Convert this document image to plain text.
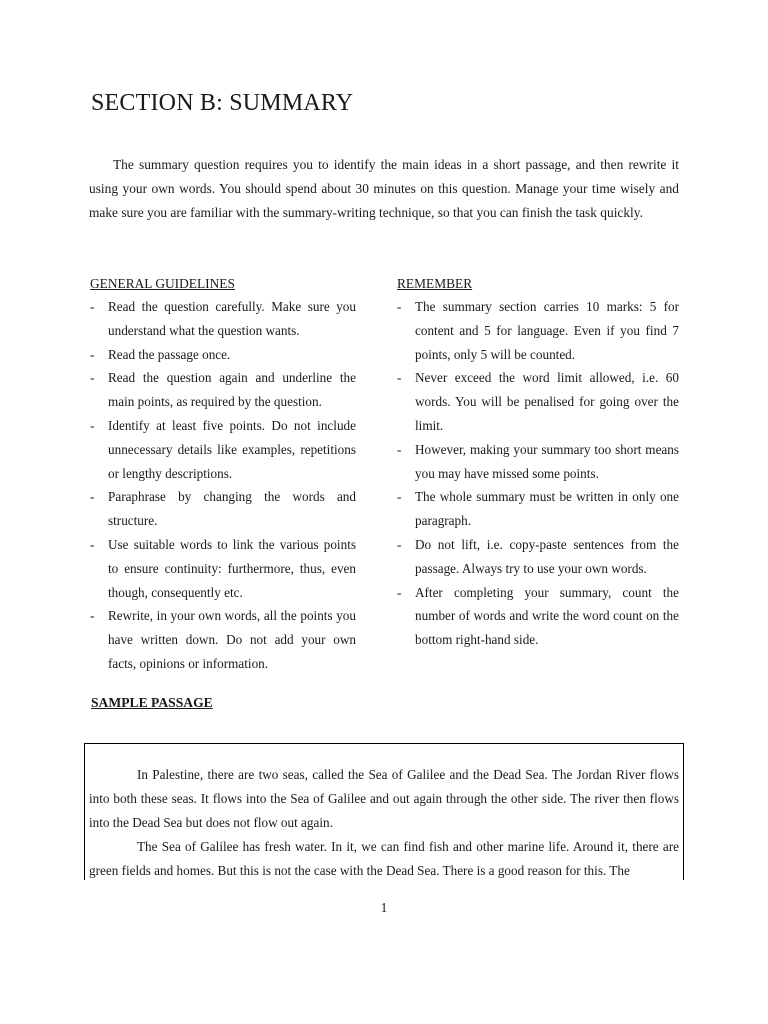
SECTION B: SUMMARY

The summary question requires you to identify the main ideas in a short passage, and then rewrite it using your own words. You should spend about 30 minutes on this question. Manage your time wisely and make sure you are familiar with the summary-writing technique, so that you can finish the task quickly.

GENERAL GUIDELINES
- Read the question carefully. Make sure you understand what the question wants.
- Read the passage once.
- Read the question again and underline the main points, as required by the question.
- Identify at least five points. Do not include unnecessary details like examples, repetitions or lengthy descriptions.
- Paraphrase by changing the words and structure.
- Use suitable words to link the various points to ensure continuity: furthermore, thus, even though, consequently etc.
- Rewrite, in your own words, all the points you have written down. Do not add your own facts, opinions or information.
REMEMBER
- The summary section carries 10 marks: 5 for content and 5 for language. Even if you find 7 points, only 5 will be counted.
- Never exceed the word limit allowed, i.e. 60 words. You will be penalised for going over the limit.
- However, making your summary too short means you may have missed some points.
- The whole summary must be written in only one paragraph.
- Do not lift, i.e. copy-paste sentences from the passage. Always try to use your own words.
- After completing your summary, count the number of words and write the word count on the bottom right-hand side.
SAMPLE PASSAGE

In Palestine, there are two seas, called the Sea of Galilee and the Dead Sea. The Jordan River flows into both these seas. It flows into the Sea of Galilee and out again through the other side. The river then flows into the Dead Sea but does not flow out again.

The Sea of Galilee has fresh water. In it, we can find fish and other marine life. Around it, there are green fields and homes. But this is not the case with the Dead Sea. There is a good reason for this. The

1
